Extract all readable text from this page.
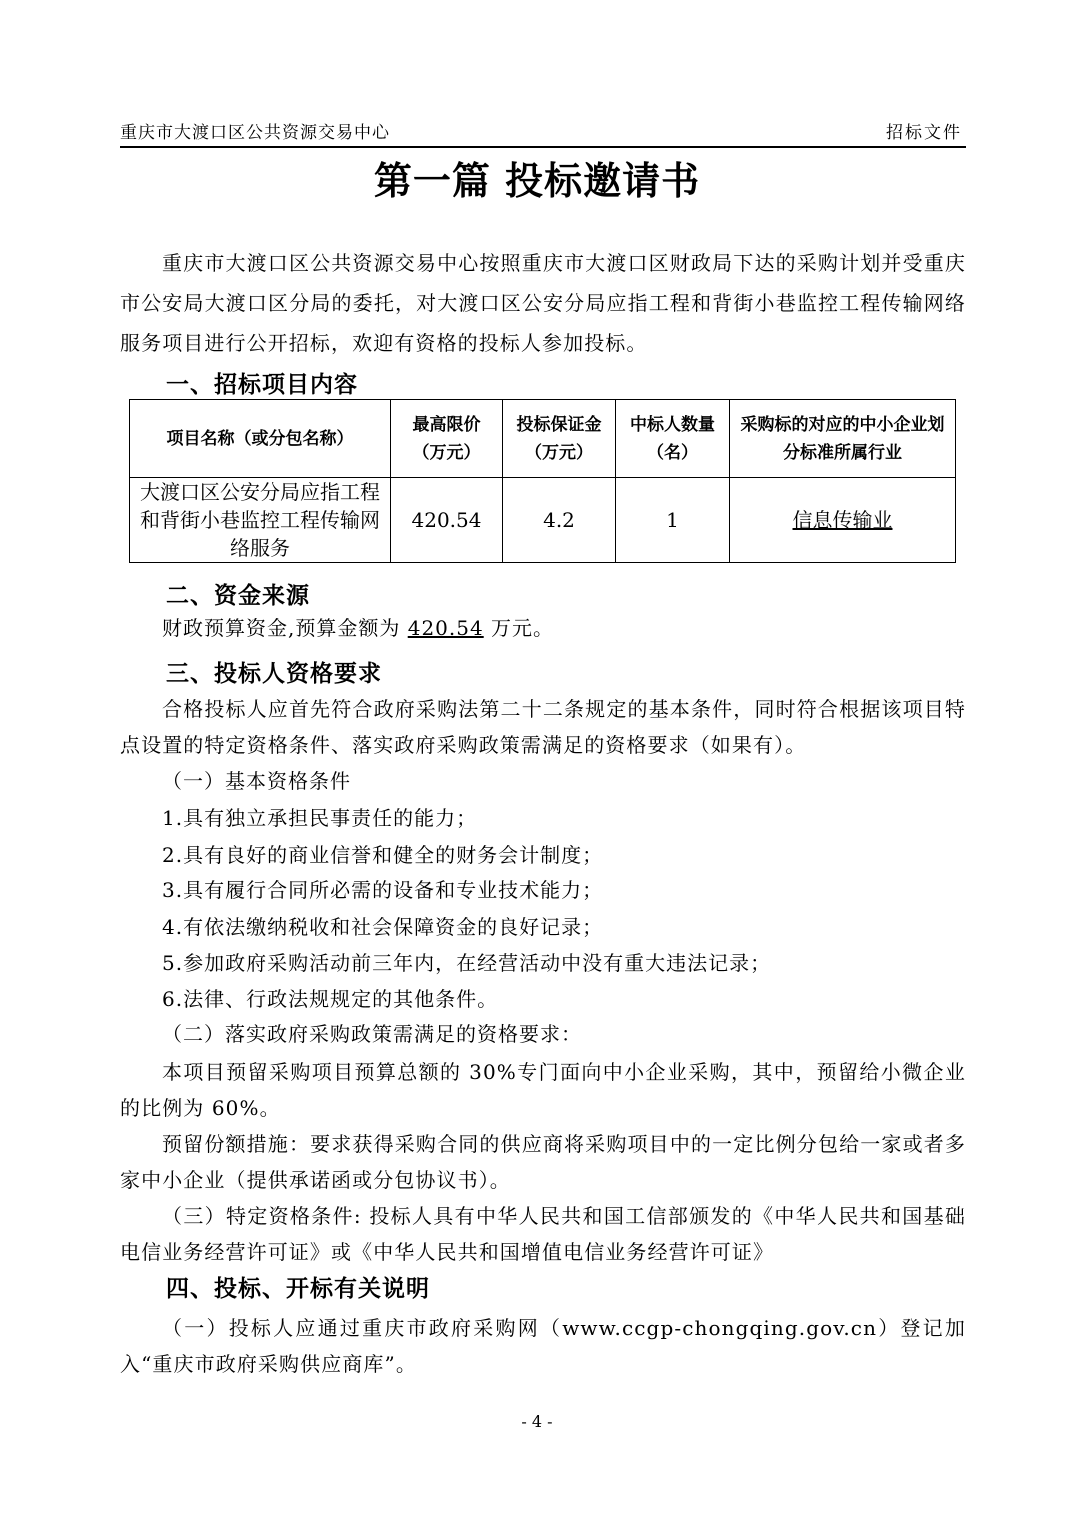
重庆市大渡口区公共资源交易中心	招标文件
第一篇 投标邀请书
重庆市大渡口区公共资源交易中心按照重庆市大渡口区财政局下达的采购计划并受重庆市公安局大渡口区分局的委托，对大渡口区公安分局应指工程和背街小巷监控工程传输网络服务项目进行公开招标，欢迎有资格的投标人参加投标。
一、招标项目内容
项目名称（或分包名称）	最高限价（万元）	投标保证金（万元）	中标人数量（名）	采购标的对应的中小企业划分标准所属行业
大渡口区公安分局应指工程和背街小巷监控工程传输网络服务	420.54	4.2	1	信息传输业
二、资金来源
财政预算资金,预算金额为 420.54 万元。
三、投标人资格要求
合格投标人应首先符合政府采购法第二十二条规定的基本条件，同时符合根据该项目特点设置的特定资格条件、落实政府采购政策需满足的资格要求（如果有）。
（一）基本资格条件
1.具有独立承担民事责任的能力；
2.具有良好的商业信誉和健全的财务会计制度；
3.具有履行合同所必需的设备和专业技术能力；
4.有依法缴纳税收和社会保障资金的良好记录；
5.参加政府采购活动前三年内，在经营活动中没有重大违法记录；
6.法律、行政法规规定的其他条件。
（二）落实政府采购政策需满足的资格要求：
本项目预留采购项目预算总额的 30%专门面向中小企业采购，其中，预留给小微企业的比例为 60%。
预留份额措施：要求获得采购合同的供应商将采购项目中的一定比例分包给一家或者多家中小企业（提供承诺函或分包协议书）。
（三）特定资格条件: 投标人具有中华人民共和国工信部颁发的《中华人民共和国基础电信业务经营许可证》或《中华人民共和国增值电信业务经营许可证》
四、投标、开标有关说明
（一）投标人应通过重庆市政府采购网（www.ccgp-chongqing.gov.cn）登记加入“重庆市政府采购供应商库”。
- 4 -
